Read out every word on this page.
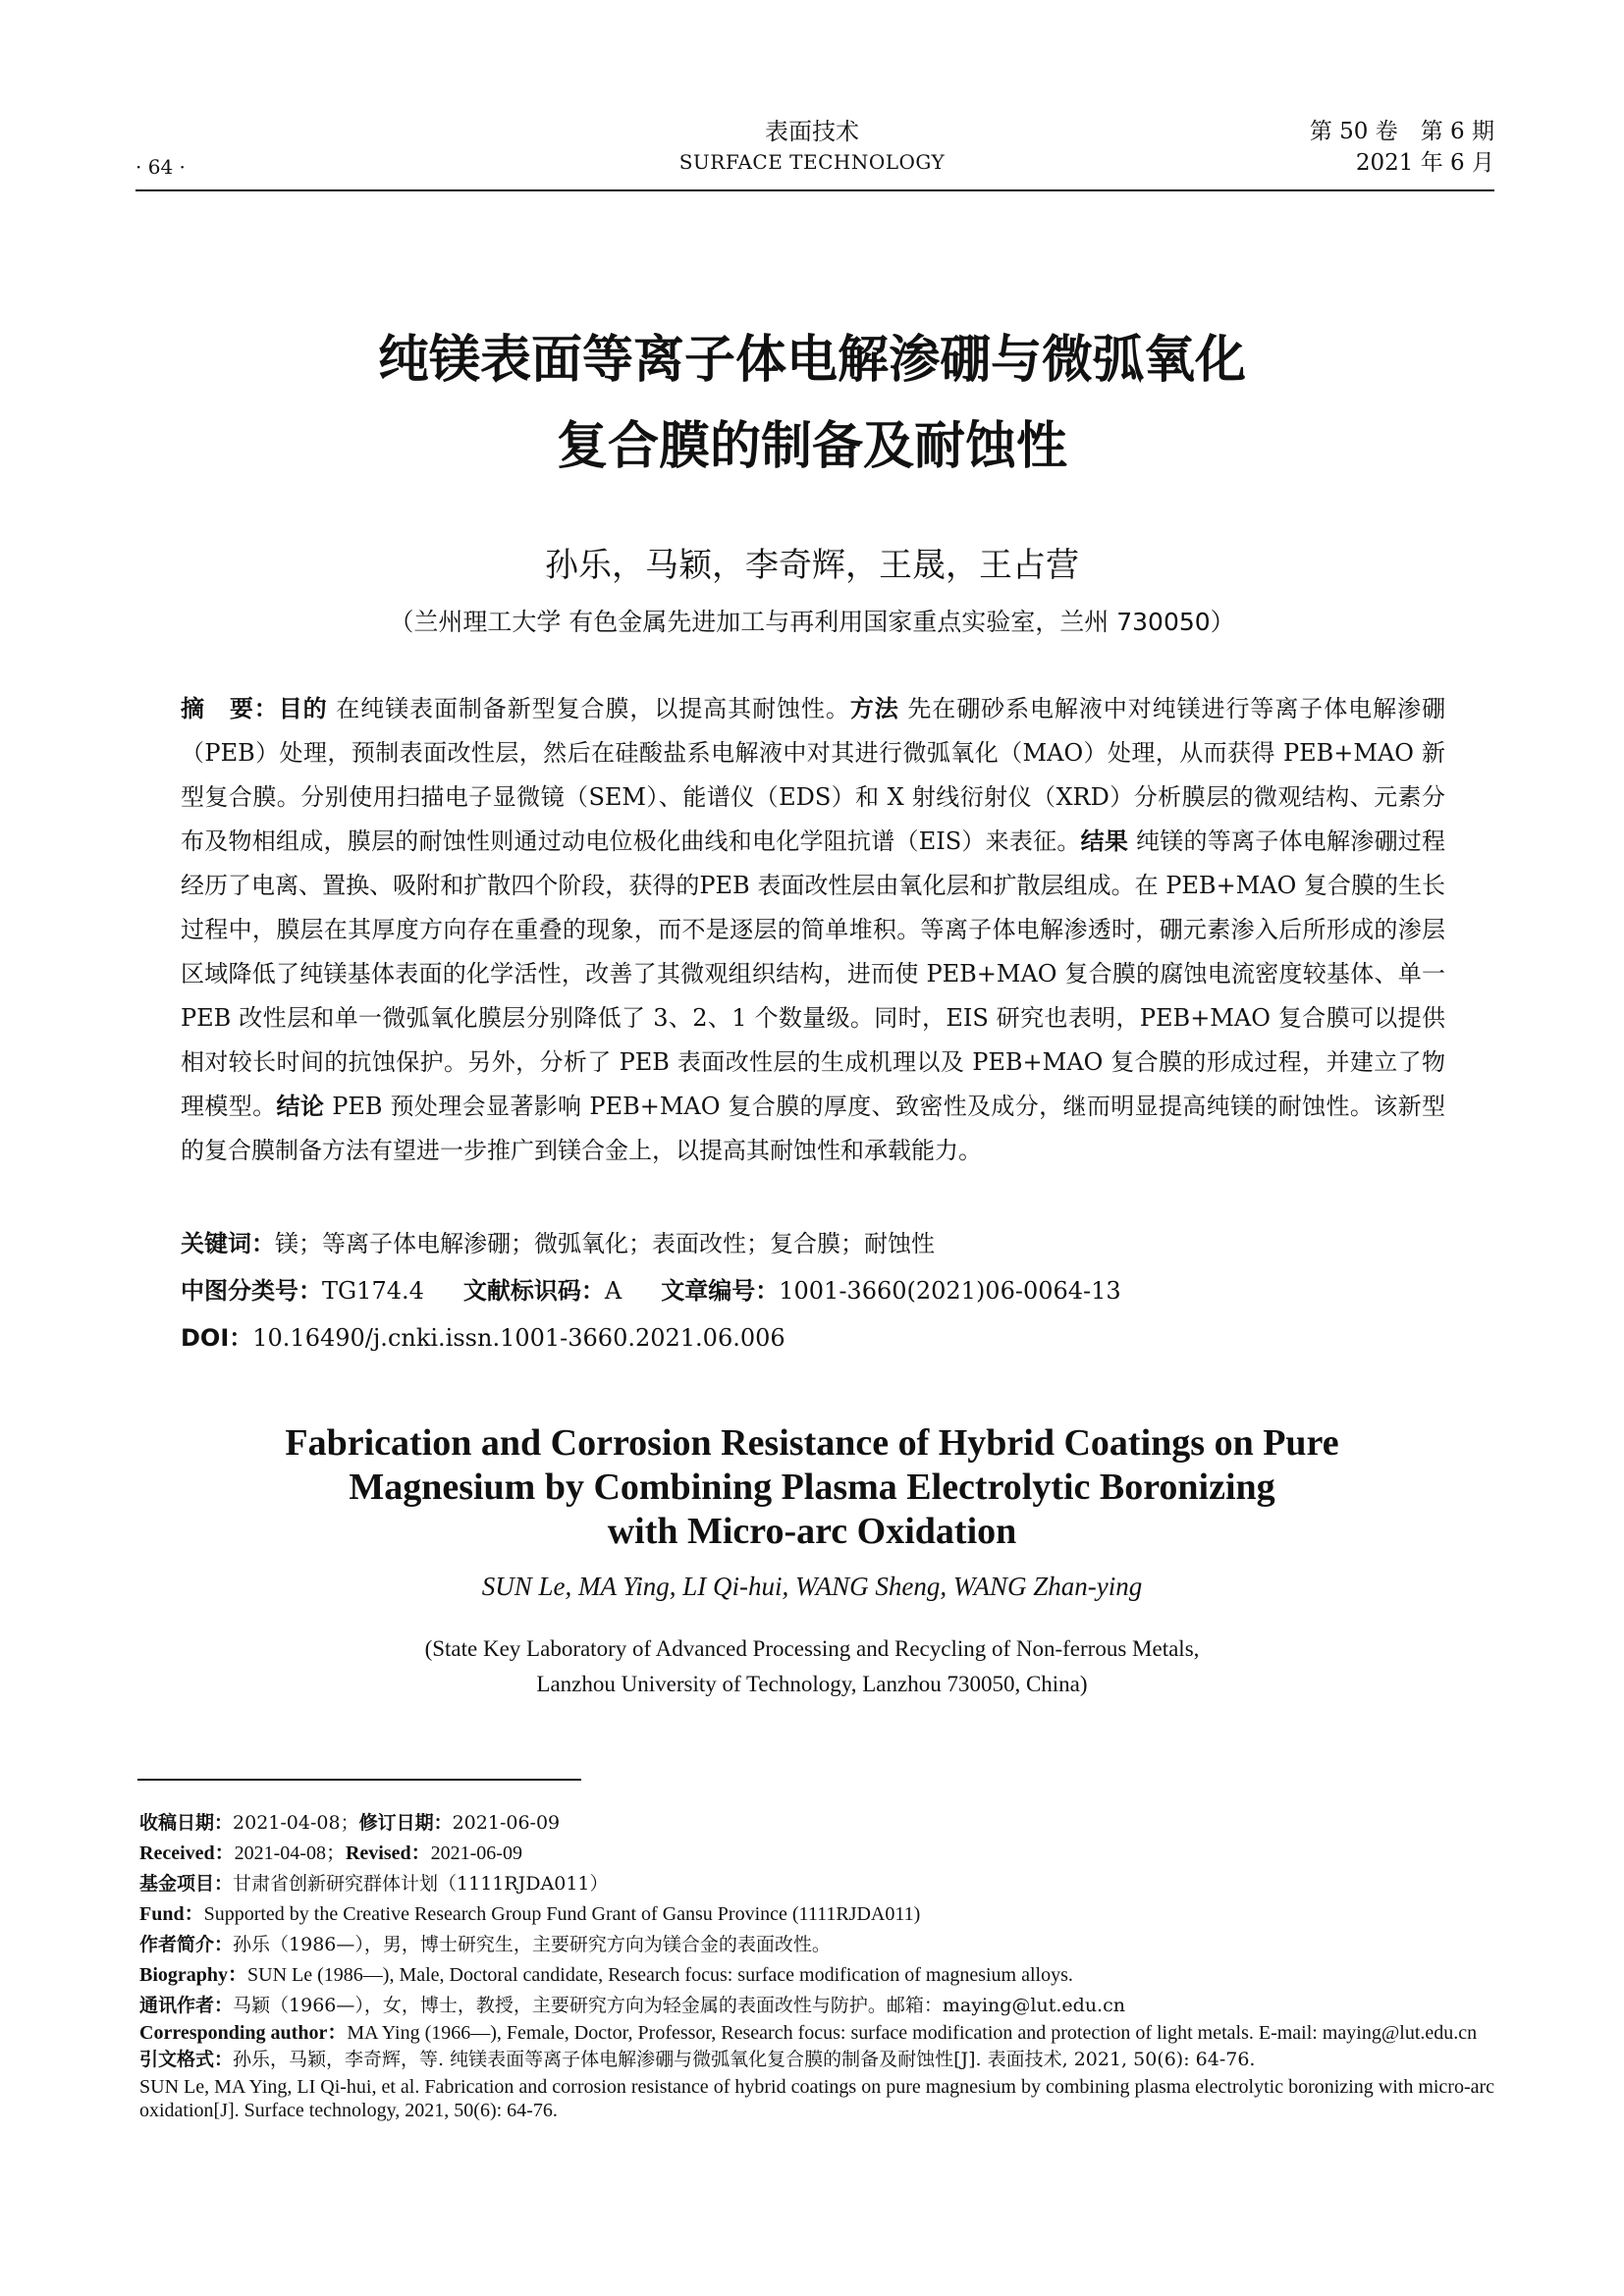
· 64 ·
表面技术
SURFACE TECHNOLOGY
第 50 卷　第 6 期
2021 年 6 月
纯镁表面等离子体电解渗硼与微弧氧化
复合膜的制备及耐蚀性
孙乐，马颖，李奇辉，王晟，王占营
（兰州理工大学 有色金属先进加工与再利用国家重点实验室，兰州 730050）
摘　要：目的 在纯镁表面制备新型复合膜，以提高其耐蚀性。方法 先在硼砂系电解液中对纯镁进行等离子体电解渗硼（PEB）处理，预制表面改性层，然后在硅酸盐系电解液中对其进行微弧氧化（MAO）处理，从而获得 PEB+MAO 新型复合膜。分别使用扫描电子显微镜（SEM）、能谱仪（EDS）和 X 射线衍射仪（XRD）分析膜层的微观结构、元素分布及物相组成，膜层的耐蚀性则通过动电位极化曲线和电化学阻抗谱（EIS）来表征。结果 纯镁的等离子体电解渗硼过程经历了电离、置换、吸附和扩散四个阶段，获得的PEB 表面改性层由氧化层和扩散层组成。在 PEB+MAO 复合膜的生长过程中，膜层在其厚度方向存在重叠的现象，而不是逐层的简单堆积。等离子体电解渗透时，硼元素渗入后所形成的渗层区域降低了纯镁基体表面的化学活性，改善了其微观组织结构，进而使 PEB+MAO 复合膜的腐蚀电流密度较基体、单一 PEB 改性层和单一微弧氧化膜层分别降低了 3、2、1 个数量级。同时，EIS 研究也表明，PEB+MAO 复合膜可以提供相对较长时间的抗蚀保护。另外，分析了 PEB 表面改性层的生成机理以及 PEB+MAO 复合膜的形成过程，并建立了物理模型。结论 PEB 预处理会显著影响 PEB+MAO 复合膜的厚度、致密性及成分，继而明显提高纯镁的耐蚀性。该新型的复合膜制备方法有望进一步推广到镁合金上，以提高其耐蚀性和承载能力。
关键词：镁；等离子体电解渗硼；微弧氧化；表面改性；复合膜；耐蚀性
中图分类号：TG174.4 文献标识码：A 文章编号：1001-3660(2021)06-0064-13
DOI：10.16490/j.cnki.issn.1001-3660.2021.06.006
Fabrication and Corrosion Resistance of Hybrid Coatings on Pure
Magnesium by Combining Plasma Electrolytic Boronizing
with Micro-arc Oxidation
SUN Le, MA Ying, LI Qi-hui, WANG Sheng, WANG Zhan-ying
(State Key Laboratory of Advanced Processing and Recycling of Non-ferrous Metals,
Lanzhou University of Technology, Lanzhou 730050, China)
收稿日期：2021-04-08；修订日期：2021-06-09
Received：2021-04-08；Revised：2021-06-09
基金项目：甘肃省创新研究群体计划（1111RJDA011）
Fund：Supported by the Creative Research Group Fund Grant of Gansu Province (1111RJDA011)
作者简介：孙乐（1986—），男，博士研究生，主要研究方向为镁合金的表面改性。
Biography：SUN Le (1986—), Male, Doctoral candidate, Research focus: surface modification of magnesium alloys.
通讯作者：马颖（1966—），女，博士，教授，主要研究方向为轻金属的表面改性与防护。邮箱：maying@lut.edu.cn
Corresponding author：MA Ying (1966—), Female, Doctor, Professor, Research focus: surface modification and protection of light metals. E-mail: maying@lut.edu.cn
引文格式：孙乐，马颖，李奇辉，等. 纯镁表面等离子体电解渗硼与微弧氧化复合膜的制备及耐蚀性[J]. 表面技术, 2021, 50(6): 64-76.
SUN Le, MA Ying, LI Qi-hui, et al. Fabrication and corrosion resistance of hybrid coatings on pure magnesium by combining plasma electrolytic boronizing with micro-arc oxidation[J]. Surface technology, 2021, 50(6): 64-76.
